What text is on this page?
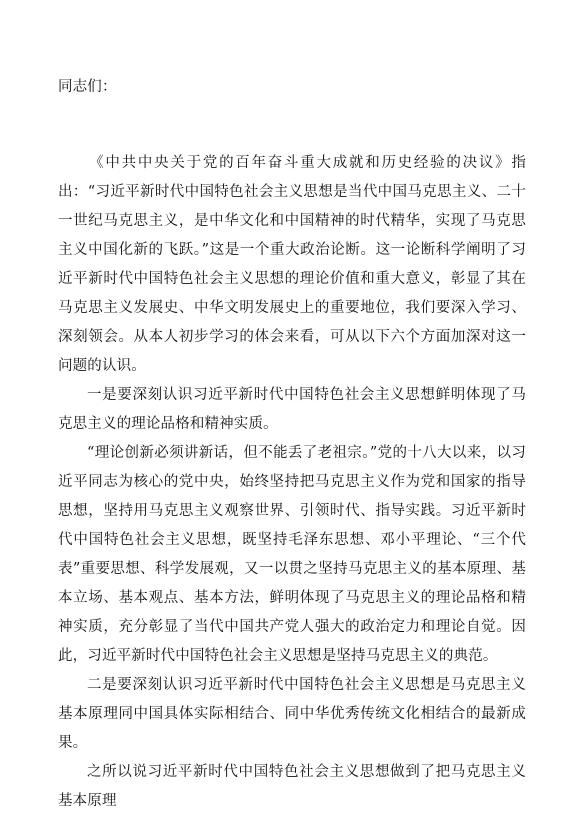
同志们：

《中共中央关于党的百年奋斗重大成就和历史经验的决议》指出：“习近平新时代中国特色社会主义思想是当代中国马克思主义、二十一世纪马克思主义，是中华文化和中国精神的时代精华，实现了马克思主义中国化新的飞跃。”这是一个重大政治论断。这一论断科学阐明了习近平新时代中国特色社会主义思想的理论价值和重大意义，彰显了其在马克思主义发展史、中华文明发展史上的重要地位，我们要深入学习、深刻领会。从本人初步学习的体会来看，可从以下六个方面加深对这一问题的认识。

一是要深刻认识习近平新时代中国特色社会主义思想鲜明体现了马克思主义的理论品格和精神实质。

“理论创新必须讲新话，但不能丢了老祖宗。”党的十八大以来，以习近平同志为核心的党中央，始终坚持把马克思主义作为党和国家的指导思想，坚持用马克思主义观察世界、引领时代、指导实践。习近平新时代中国特色社会主义思想，既坚持毛泽东思想、邓小平理论、“三个代表”重要思想、科学发展观，又一以贯之坚持马克思主义的基本原理、基本立场、基本观点、基本方法，鲜明体现了马克思主义的理论品格和精神实质，充分彰显了当代中国共产党人强大的政治定力和理论自觉。因此，习近平新时代中国特色社会主义思想是坚持马克思主义的典范。

二是要深刻认识习近平新时代中国特色社会主义思想是马克思主义基本原理同中国具体实际相结合、同中华优秀传统文化相结合的最新成果。

之所以说习近平新时代中国特色社会主义思想做到了把马克思主义基本原理
